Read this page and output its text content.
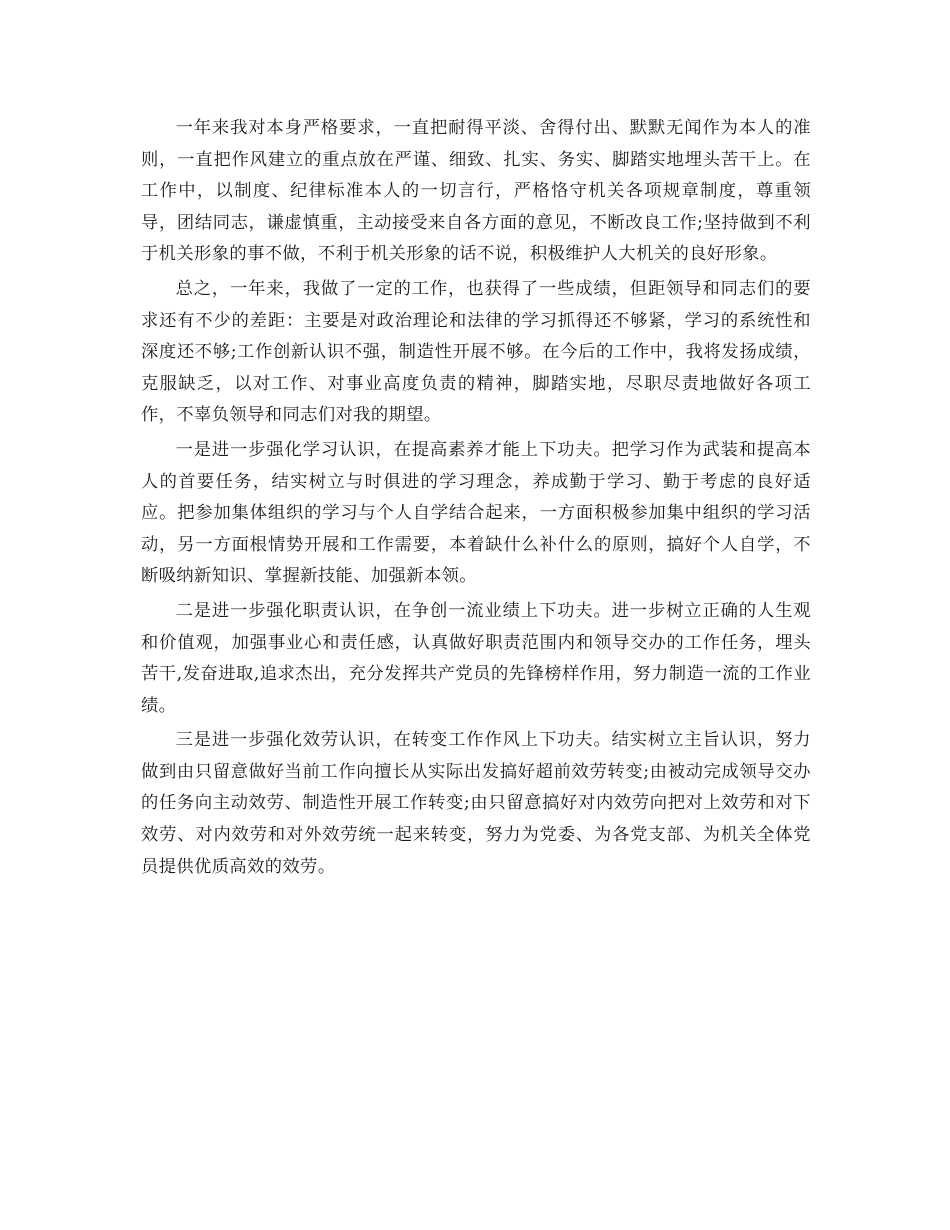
一年来我对本身严格要求，一直把耐得平淡、舍得付出、默默无闻作为本人的准则，一直把作风建立的重点放在严谨、细致、扎实、务实、脚踏实地埋头苦干上。在工作中，以制度、纪律标准本人的一切言行，严格恪守机关各项规章制度，尊重领导，团结同志，谦虚慎重，主动接受来自各方面的意见，不断改良工作;坚持做到不利于机关形象的事不做，不利于机关形象的话不说，积极维护人大机关的良好形象。

总之，一年来，我做了一定的工作，也获得了一些成绩，但距领导和同志们的要求还有不少的差距：主要是对政治理论和法律的学习抓得还不够紧，学习的系统性和深度还不够;工作创新认识不强，制造性开展不够。在今后的工作中，我将发扬成绩，克服缺乏，以对工作、对事业高度负责的精神，脚踏实地，尽职尽责地做好各项工作，不辜负领导和同志们对我的期望。

一是进一步强化学习认识，在提高素养才能上下功夫。把学习作为武装和提高本人的首要任务，结实树立与时俱进的学习理念，养成勤于学习、勤于考虑的良好适应。把参加集体组织的学习与个人自学结合起来，一方面积极参加集中组织的学习活动，另一方面根情势开展和工作需要，本着缺什么补什么的原则，搞好个人自学，不断吸纳新知识、掌握新技能、加强新本领。

二是进一步强化职责认识，在争创一流业绩上下功夫。进一步树立正确的人生观和价值观，加强事业心和责任感，认真做好职责范围内和领导交办的工作任务，埋头苦干,发奋进取,追求杰出，充分发挥共产党员的先锋榜样作用，努力制造一流的工作业绩。

三是进一步强化效劳认识，在转变工作作风上下功夫。结实树立主旨认识，努力做到由只留意做好当前工作向擅长从实际出发搞好超前效劳转变;由被动完成领导交办的任务向主动效劳、制造性开展工作转变;由只留意搞好对内效劳向把对上效劳和对下效劳、对内效劳和对外效劳统一起来转变，努力为党委、为各党支部、为机关全体党员提供优质高效的效劳。
